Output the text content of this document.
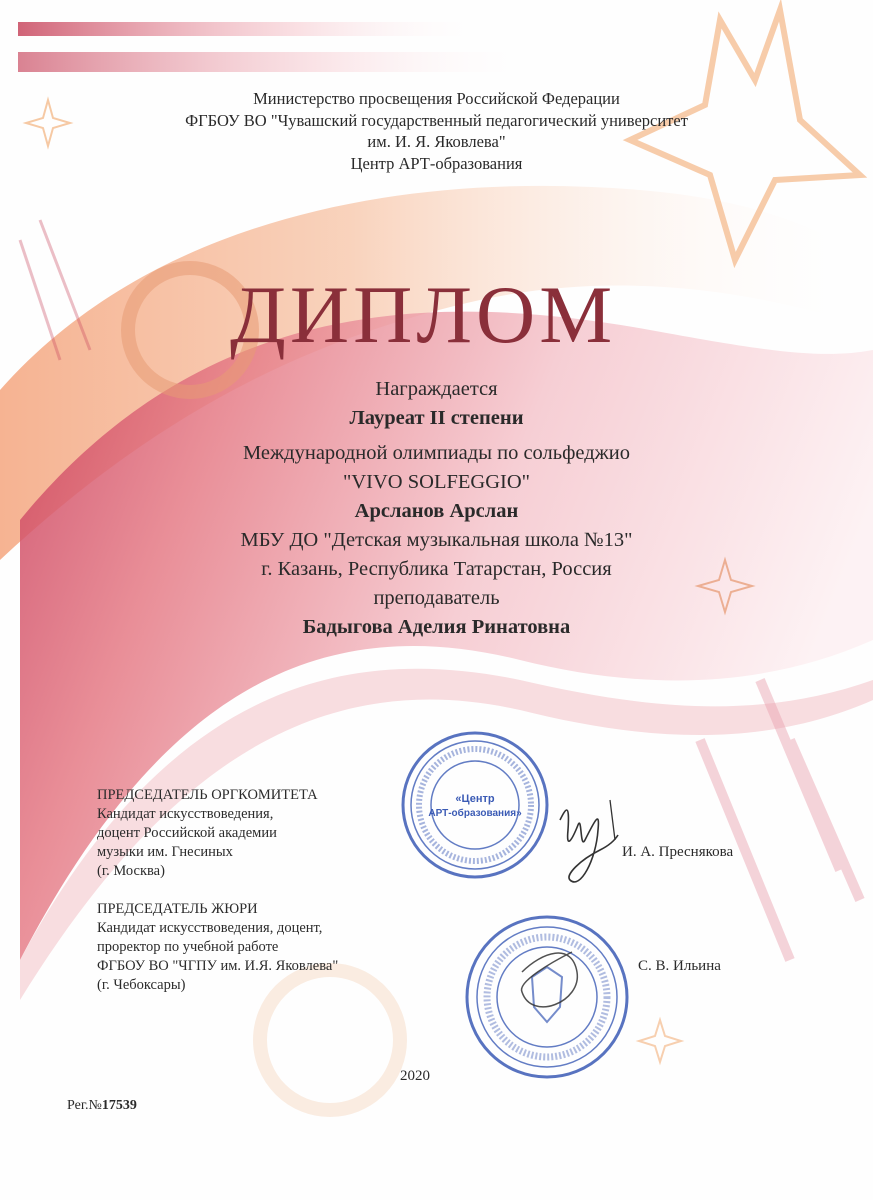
Министерство просвещения Российской Федерации
ФГБОУ ВО "Чувашский государственный педагогический университет
им. И. Я. Яковлева"
Центр АРТ-образования
ДИПЛОМ
Награждается
Лауреат II степени
Международной олимпиады по сольфеджио
"VIVO SOLFEGGIO"
Арсланов Арслан
МБУ ДО "Детская музыкальная школа №13"
г. Казань, Республика Татарстан, Россия
преподаватель
Бадыгова Аделия Ринатовна
«Центр
АРТ-образования»
ПРЕДСЕДАТЕЛЬ ОРГКОМИТЕТА
Кандидат искусствоведения,
доцент Российской академии
музыки им. Гнесиных
(г. Москва)
И. А. Преснякова
ПРЕДСЕДАТЕЛЬ ЖЮРИ
Кандидат искусствоведения, доцент,
проректор по учебной работе
ФГБОУ ВО "ЧГПУ им. И.Я. Яковлева"
(г. Чебоксары)
С. В. Ильина
2020
Рег.№17539
